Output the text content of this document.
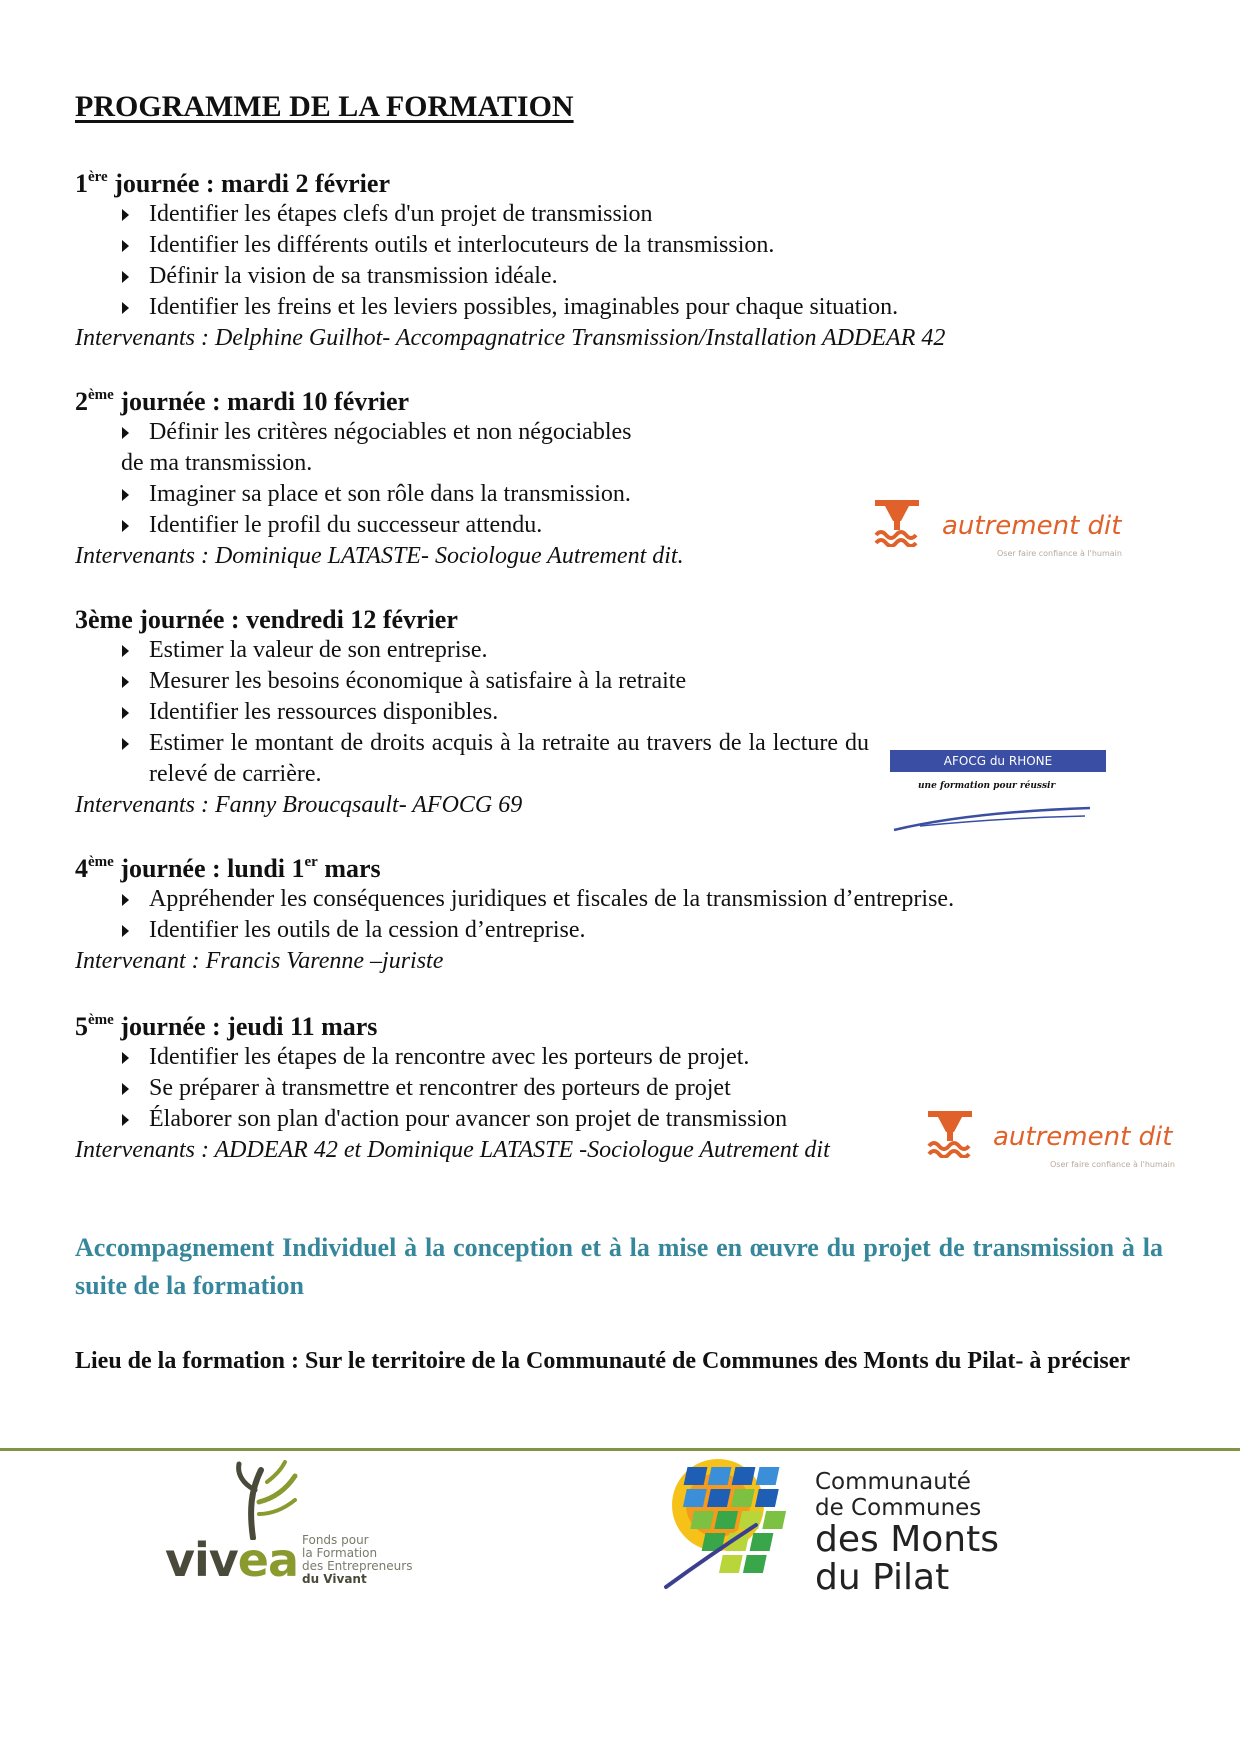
PROGRAMME DE LA FORMATION

1ère journée : mardi 2 février

Identifier les étapes clefs d'un projet de transmission
Identifier les différents outils et interlocuteurs de la transmission.
Définir la vision de sa transmission idéale.
Identifier les freins et les leviers possibles, imaginables pour chaque situation.

Intervenants : Delphine Guilhot- Accompagnatrice Transmission/Installation ADDEAR 42

2ème journée : mardi 10 février

Définir les critères négociables et non négociables
de ma transmission.
Imaginer sa place et son rôle dans la transmission.
Identifier le profil du successeur attendu.

Intervenants : Dominique LATASTE- Sociologue Autrement dit.

3ème journée : vendredi 12 février

Estimer la valeur de son entreprise.
Mesurer les besoins économique à satisfaire à la retraite
Identifier les ressources disponibles.
Estimer le montant de droits acquis à la retraite au travers de la lecture du relevé de carrière.

Intervenants : Fanny Broucqsault- AFOCG 69

4ème journée : lundi 1er mars

Appréhender les conséquences juridiques et fiscales de la transmission d’entreprise.
Identifier les outils de la cession d’entreprise.

Intervenant : Francis Varenne –juriste

5ème journée : jeudi 11 mars

Identifier les étapes de la rencontre avec les porteurs de projet.
Se préparer à transmettre et rencontrer des porteurs de projet
Élaborer son plan d'action pour avancer son projet de transmission

Intervenants : ADDEAR 42 et Dominique LATASTE -Sociologue Autrement dit

Accompagnement Individuel à la conception et à la mise en œuvre du projet de transmission à la suite de la formation

Lieu de la formation : Sur le territoire de la Communauté de Communes des Monts du Pilat- à préciser

autrement dit
Oser faire confiance à l'humain
AFOCG du RHONE
une formation pour réussir
autrement dit
Oser faire confiance à l'humain
vivea Fonds pour
la Formation
des Entrepreneurs
du Vivant
Communauté
de Communes
des Monts
du Pilat
